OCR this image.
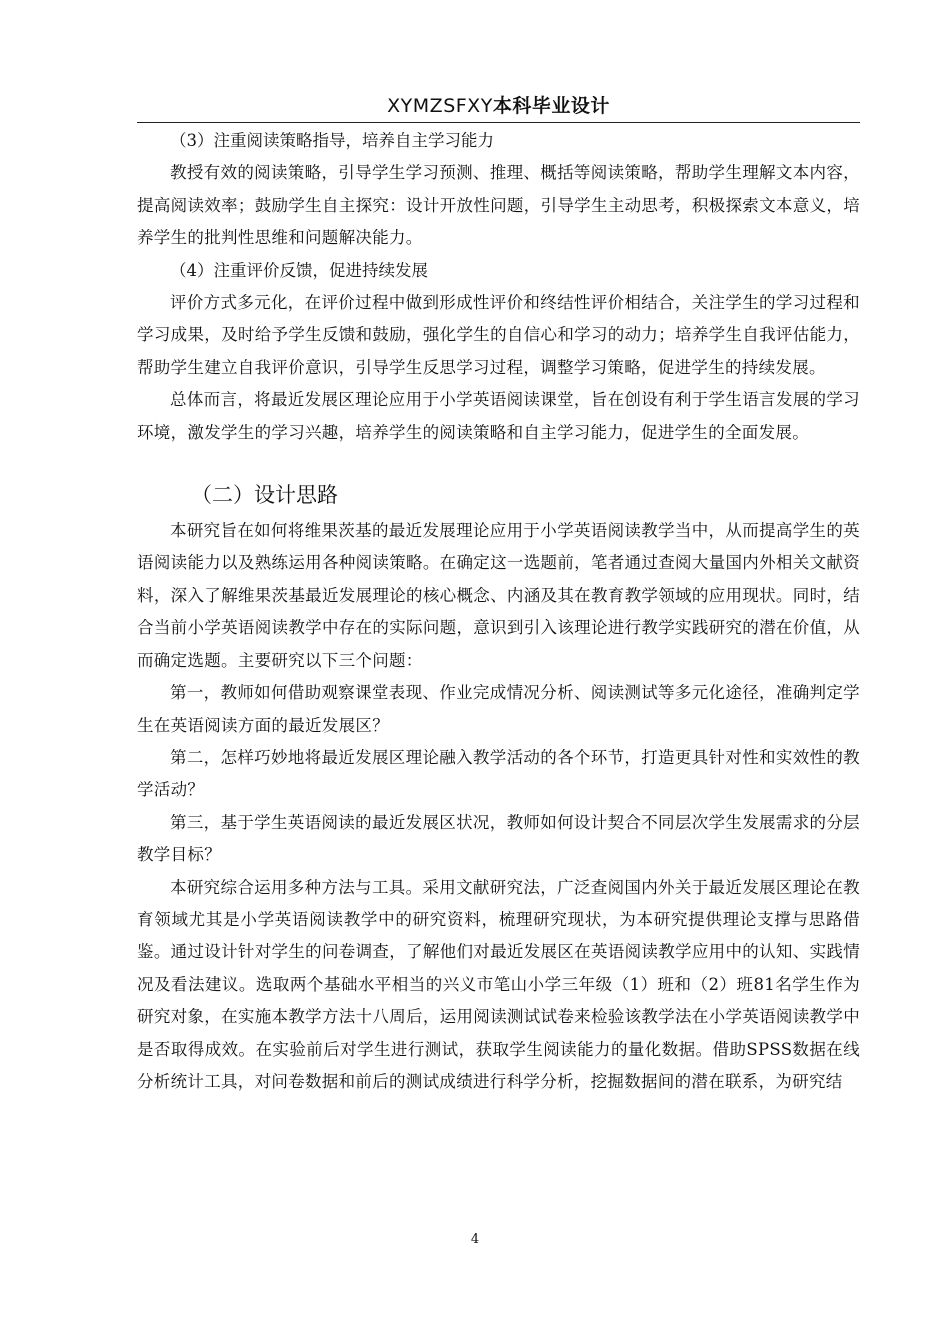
XYMZSFXY本科毕业设计

（3）注重阅读策略指导，培养自主学习能力

教授有效的阅读策略，引导学生学习预测、推理、概括等阅读策略，帮助学生理解文本内容，提高阅读效率；鼓励学生自主探究：设计开放性问题，引导学生主动思考，积极探索文本意义，培养学生的批判性思维和问题解决能力。

（4）注重评价反馈，促进持续发展

评价方式多元化，在评价过程中做到形成性评价和终结性评价相结合，关注学生的学习过程和学习成果，及时给予学生反馈和鼓励，强化学生的自信心和学习的动力；培养学生自我评估能力，帮助学生建立自我评价意识，引导学生反思学习过程，调整学习策略，促进学生的持续发展。

总体而言，将最近发展区理论应用于小学英语阅读课堂，旨在创设有利于学生语言发展的学习环境，激发学生的学习兴趣，培养学生的阅读策略和自主学习能力，促进学生的全面发展。

（二）设计思路

本研究旨在如何将维果茨基的最近发展理论应用于小学英语阅读教学当中，从而提高学生的英语阅读能力以及熟练运用各种阅读策略。在确定这一选题前，笔者通过查阅大量国内外相关文献资料，深入了解维果茨基最近发展理论的核心概念、内涵及其在教育教学领域的应用现状。同时，结合当前小学英语阅读教学中存在的实际问题，意识到引入该理论进行教学实践研究的潜在价值，从而确定选题。主要研究以下三个问题：

第一，教师如何借助观察课堂表现、作业完成情况分析、阅读测试等多元化途径，准确判定学生在英语阅读方面的最近发展区？

第二，怎样巧妙地将最近发展区理论融入教学活动的各个环节，打造更具针对性和实效性的教学活动？

第三，基于学生英语阅读的最近发展区状况，教师如何设计契合不同层次学生发展需求的分层教学目标？

本研究综合运用多种方法与工具。采用文献研究法，广泛查阅国内外关于最近发展区理论在教育领域尤其是小学英语阅读教学中的研究资料，梳理研究现状，为本研究提供理论支撑与思路借鉴。通过设计针对学生的问卷调查，了解他们对最近发展区在英语阅读教学应用中的认知、实践情况及看法建议。选取两个基础水平相当的兴义市笔山小学三年级（1）班和（2）班81名学生作为研究对象，在实施本教学方法十八周后，运用阅读测试试卷来检验该教学法在小学英语阅读教学中是否取得成效。在实验前后对学生进行测试，获取学生阅读能力的量化数据。借助SPSS数据在线分析统计工具，对问卷数据和前后的测试成绩进行科学分析，挖掘数据间的潜在联系，为研究结

4
